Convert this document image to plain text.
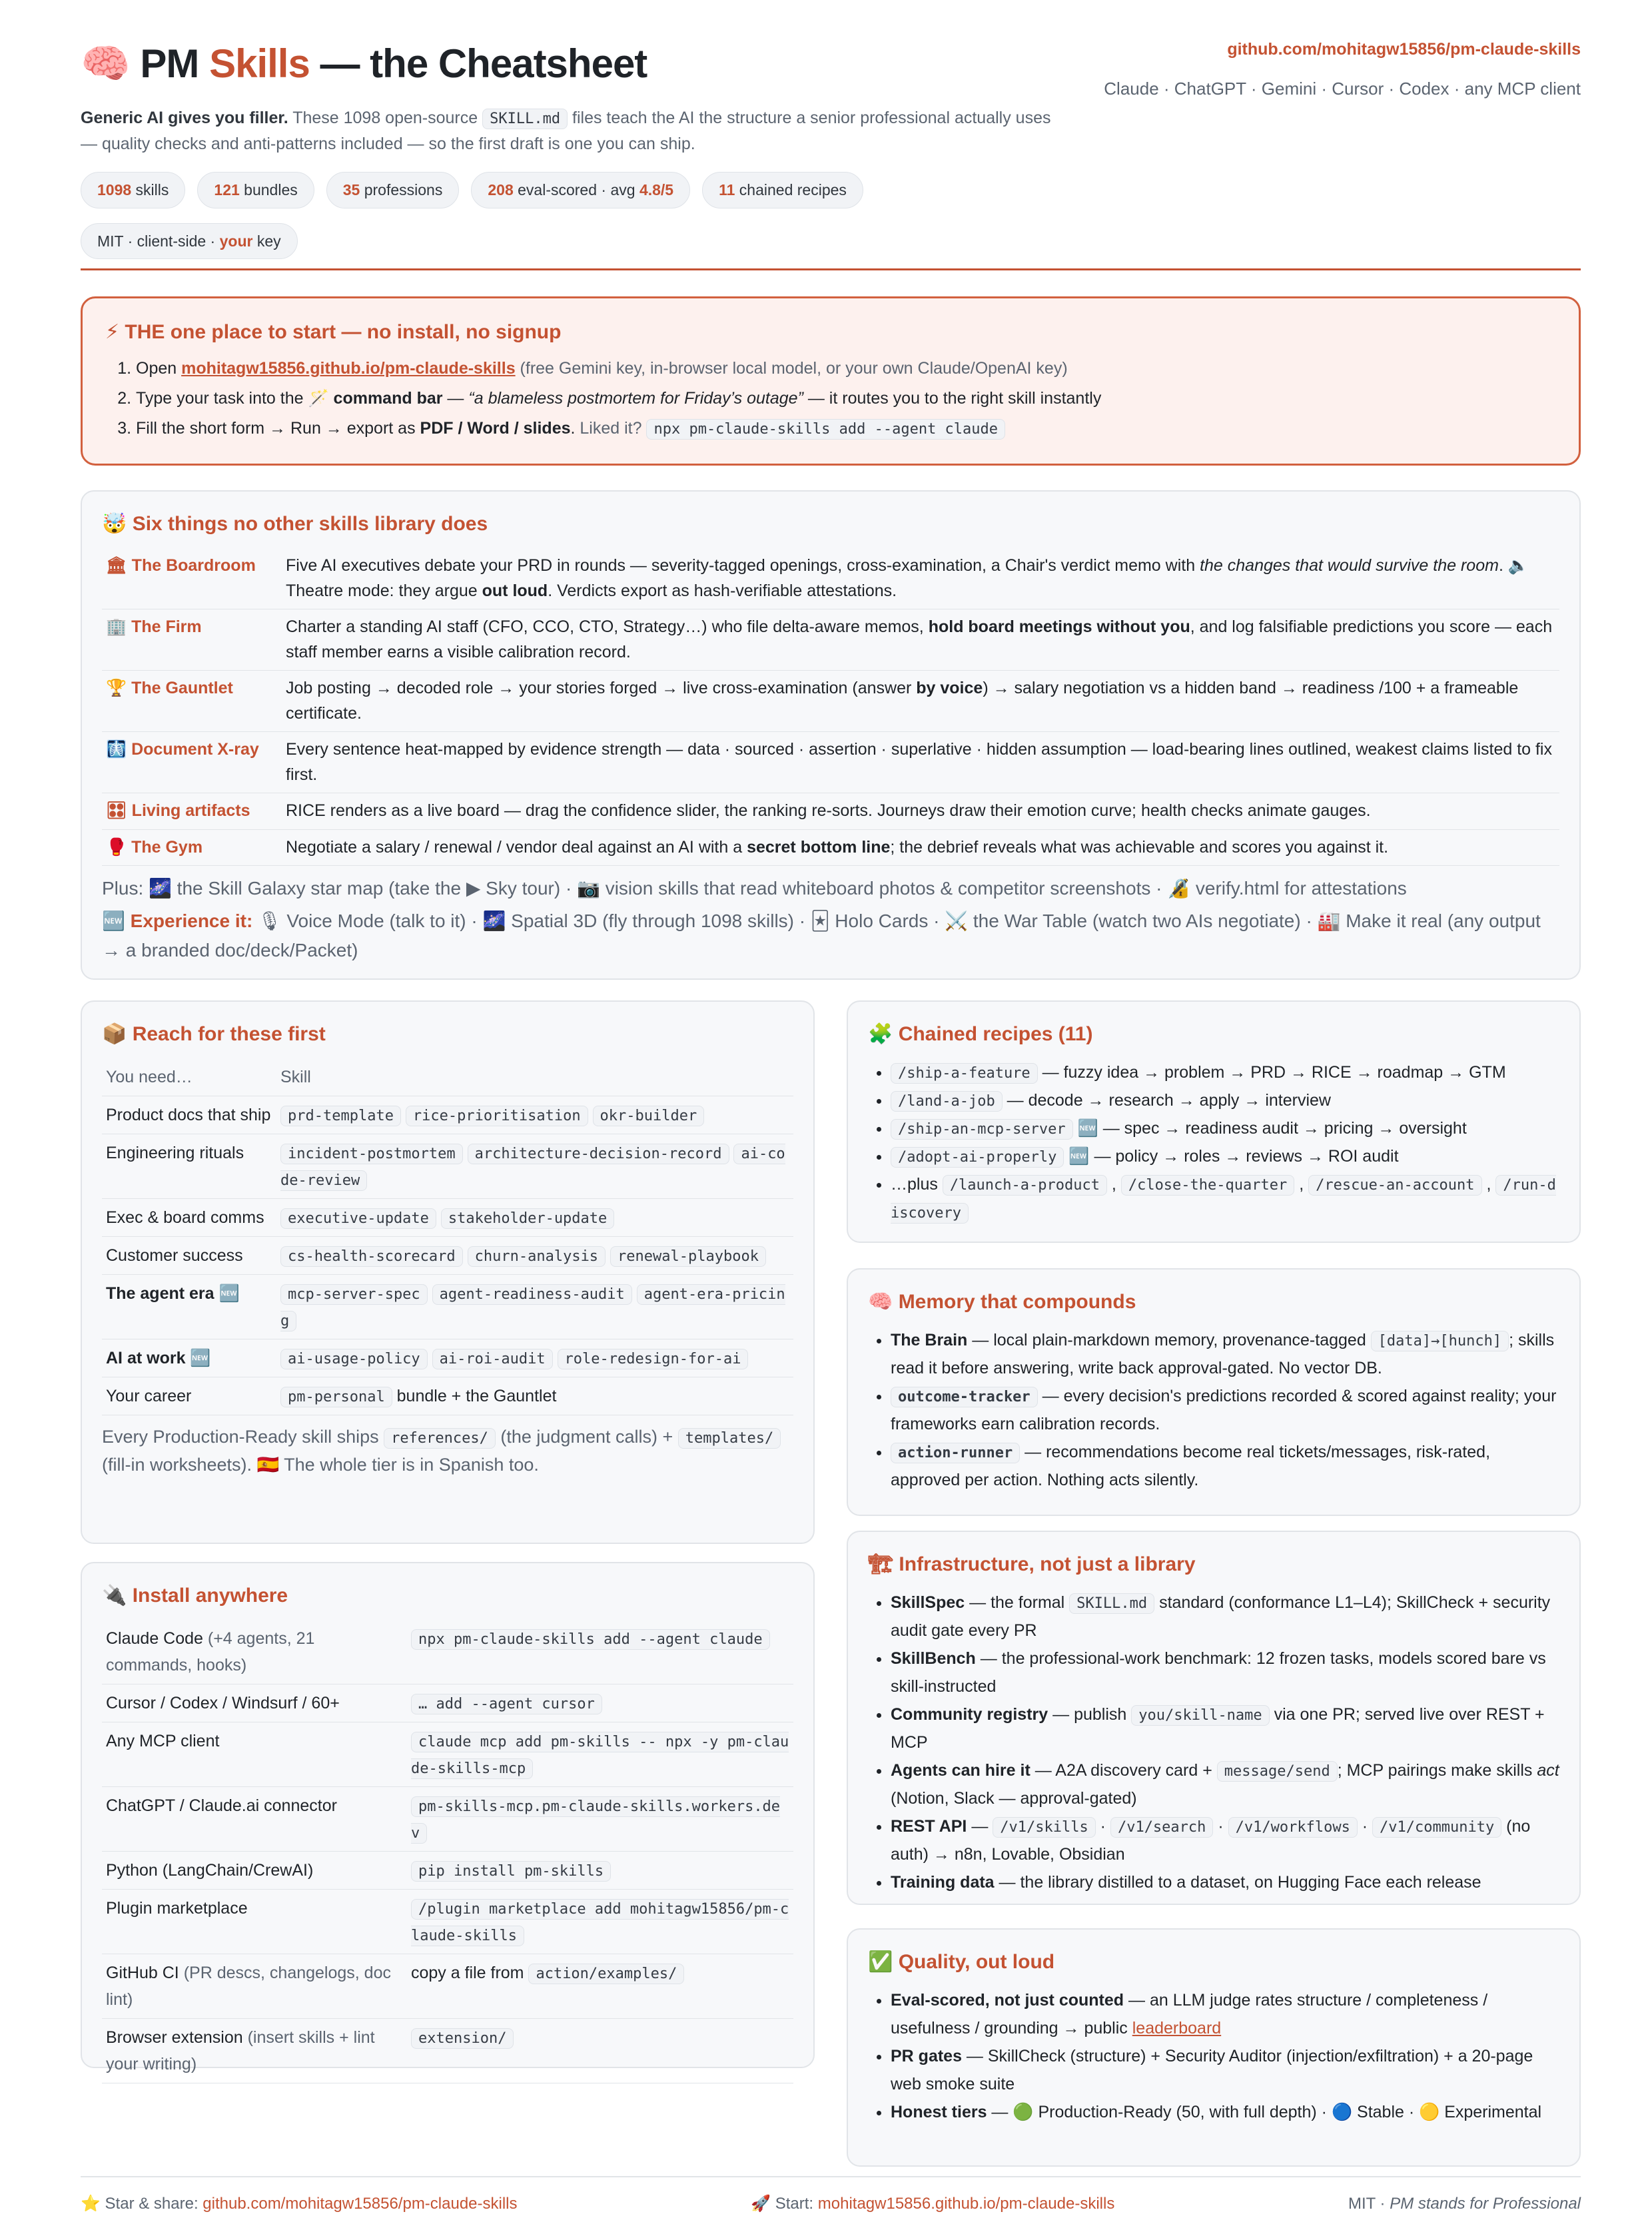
🧠 PM Skills — the Cheatsheet	github.com/mohitagw15856/pm-claude-skills
Claude · ChatGPT · Gemini · Cursor · Codex · any MCP client
Generic AI gives you filler. These 1098 open-source SKILL.md files teach the AI the structure a senior professional actually uses — quality checks and anti-patterns included — so the first draft is one you can ship.
1098 skills	121 bundles	35 professions	208 eval-scored · avg 4.8/5	11 chained recipes
MIT · client-side · your key
⚡ THE one place to start — no install, no signup
1. Open mohitagw15856.github.io/pm-claude-skills (free Gemini key, in-browser local model, or your own Claude/OpenAI key)
2. Type your task into the 🪄 command bar — “a blameless postmortem for Friday’s outage” — it routes you to the right skill instantly
3. Fill the short form → Run → export as PDF / Word / slides. Liked it? npx pm-claude-skills add --agent claude
🤯 Six things no other skills library does
🏛 The Boardroom	Five AI executives debate your PRD in rounds — severity-tagged openings, cross-examination, a Chair's verdict memo with the changes that would survive the room. 🔈 Theatre mode: they argue out loud. Verdicts export as hash-verifiable attestations.
🏢 The Firm	Charter a standing AI staff (CFO, CCO, CTO, Strategy…) who file delta-aware memos, hold board meetings without you, and log falsifiable predictions you score — each staff member earns a visible calibration record.
🏆 The Gauntlet	Job posting → decoded role → your stories forged → live cross-examination (answer by voice) → salary negotiation vs a hidden band → readiness /100 + a frameable certificate.
🩻 Document X-ray	Every sentence heat-mapped by evidence strength — data · sourced · assertion · superlative · hidden assumption — load-bearing lines outlined, weakest claims listed to fix first.
🎛 Living artifacts	RICE renders as a live board — drag the confidence slider, the ranking re-sorts. Journeys draw their emotion curve; health checks animate gauges.
🥊 The Gym	Negotiate a salary / renewal / vendor deal against an AI with a secret bottom line; the debrief reveals what was achievable and scores you against it.
Plus: 🌌 the Skill Galaxy star map (take the ▶ Sky tour) · 📷 vision skills that read whiteboard photos & competitor screenshots · 🔏 verify.html for attestations
🆕 Experience it: 🎙 Voice Mode (talk to it) · 🌌 Spatial 3D (fly through 1098 skills) · 🃏 Holo Cards · ⚔️ the War Table (watch two AIs negotiate) · 🏭 Make it real (any output → a branded doc/deck/Packet)
📦 Reach for these first
You need…	Skill
Product docs that ship	prd-template rice-prioritisation okr-builder
Engineering rituals	incident-postmortem architecture-decision-record ai-code-review
Exec & board comms	executive-update stakeholder-update
Customer success	cs-health-scorecard churn-analysis renewal-playbook
The agent era 🆕	mcp-server-spec agent-readiness-audit agent-era-pricing
AI at work 🆕	ai-usage-policy ai-roi-audit role-redesign-for-ai
Your career	pm-personal bundle + the Gauntlet
Every Production-Ready skill ships references/ (the judgment calls) + templates/ (fill-in worksheets). 🇪🇸 The whole tier is in Spanish too.
🔌 Install anywhere
Claude Code (+4 agents, 21 commands, hooks)	npx pm-claude-skills add --agent claude
Cursor / Codex / Windsurf / 60+	… add --agent cursor
Any MCP client	claude mcp add pm-skills -- npx -y pm-claude-skills-mcp
ChatGPT / Claude.ai connector	pm-skills-mcp.pm-claude-skills.workers.dev
Python (LangChain/CrewAI)	pip install pm-skills
Plugin marketplace	/plugin marketplace add mohitagw15856/pm-claude-skills
GitHub CI (PR descs, changelogs, doc lint)	copy a file from action/examples/
Browser extension (insert skills + lint your writing)	extension/
🧩 Chained recipes (11)
• /ship-a-feature — fuzzy idea → problem → PRD → RICE → roadmap → GTM
• /land-a-job — decode → research → apply → interview
• /ship-an-mcp-server 🆕 — spec → readiness audit → pricing → oversight
• /adopt-ai-properly 🆕 — policy → roles → reviews → ROI audit
• …plus /launch-a-product , /close-the-quarter , /rescue-an-account , /run-discovery
🧠 Memory that compounds
• The Brain — local plain-markdown memory, provenance-tagged [data]→[hunch] ; skills read it before answering, write back approval-gated. No vector DB.
• outcome-tracker — every decision's predictions recorded & scored against reality; your frameworks earn calibration records.
• action-runner — recommendations become real tickets/messages, risk-rated, approved per action. Nothing acts silently.
🏗 Infrastructure, not just a library
• SkillSpec — the formal SKILL.md standard (conformance L1–L4); SkillCheck + security audit gate every PR
• SkillBench — the professional-work benchmark: 12 frozen tasks, models scored bare vs skill-instructed
• Community registry — publish you/skill-name via one PR; served live over REST + MCP
• Agents can hire it — A2A discovery card + message/send ; MCP pairings make skills act (Notion, Slack — approval-gated)
• REST API — /v1/skills · /v1/search · /v1/workflows · /v1/community (no auth) → n8n, Lovable, Obsidian
• Training data — the library distilled to a dataset, on Hugging Face each release
✅ Quality, out loud
• Eval-scored, not just counted — an LLM judge rates structure / completeness / usefulness / grounding → public leaderboard
• PR gates — SkillCheck (structure) + Security Auditor (injection/exfiltration) + a 20-page web smoke suite
• Honest tiers — 🟢 Production-Ready (50, with full depth) · 🔵 Stable · 🟡 Experimental
⭐ Star & share: github.com/mohitagw15856/pm-claude-skills	🚀 Start: mohitagw15856.github.io/pm-claude-skills	MIT · PM stands for Professional
